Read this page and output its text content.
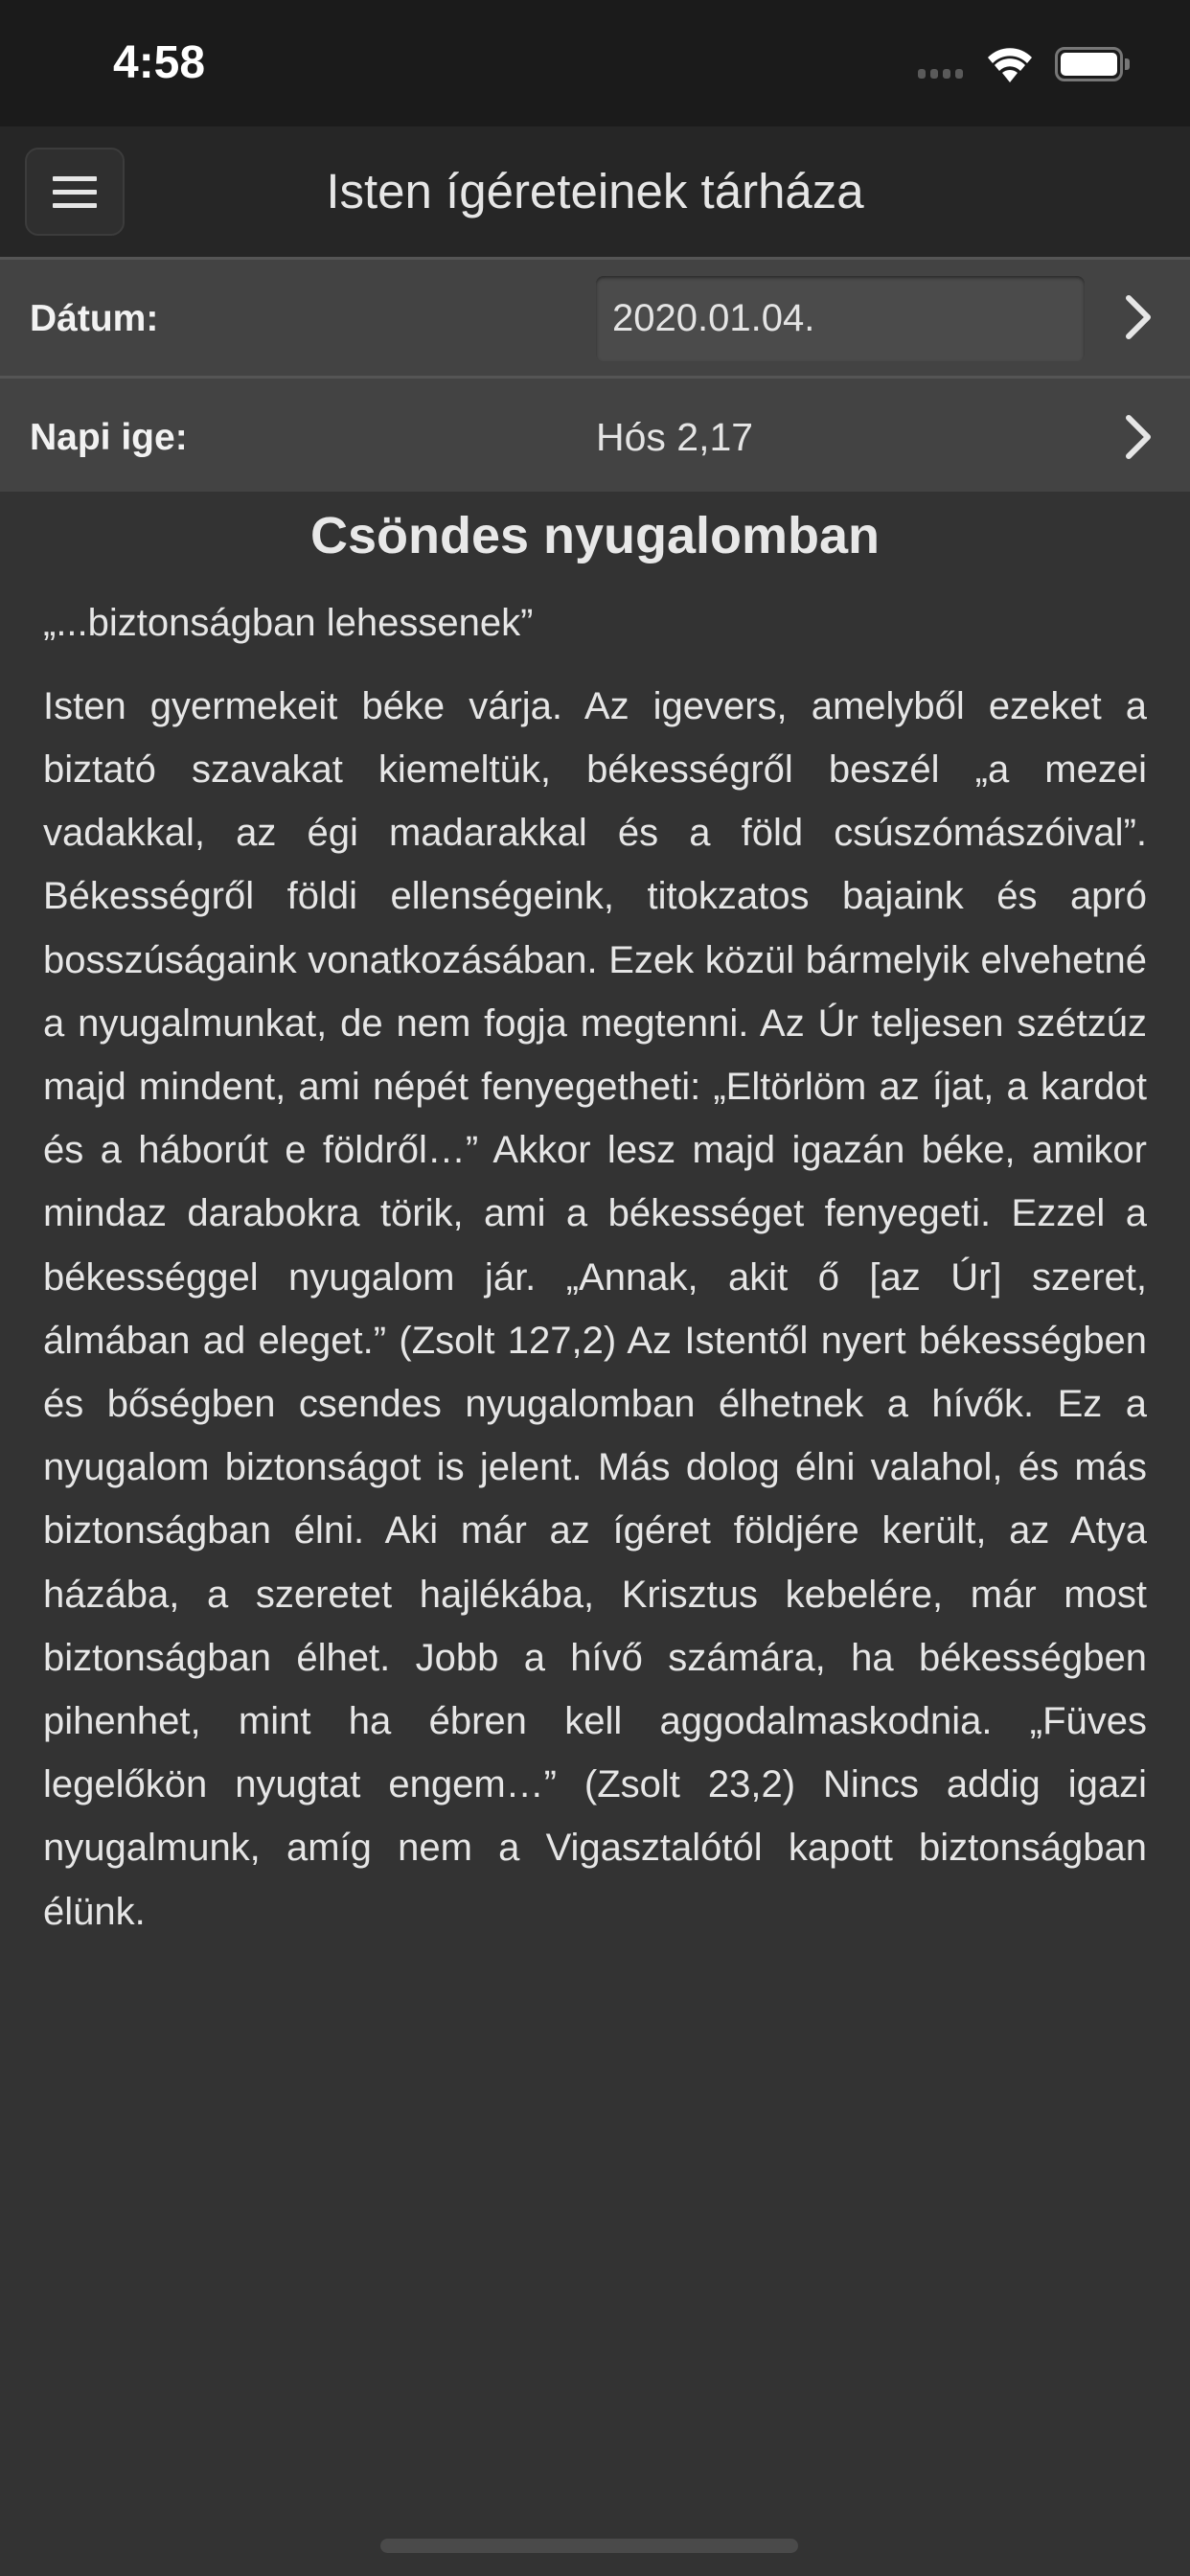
4:58
Isten ígéreteinek tárháza
Dátum:
2020.01.04.
Napi ige:	Hós 2,17
Csöndes nyugalomban

„...biztonságban lehessenek”

Isten gyermekeit béke várja. Az igevers, amelyből ezeket a biztató szavakat kiemeltük, békességről beszél „a mezei vadakkal, az égi madarakkal és a föld csúszómászóival”. Békességről földi ellenségeink, titokzatos bajaink és apró bosszúságaink vonatkozásában. Ezek közül bármelyik elvehetné a nyugalmunkat, de nem fogja megtenni. Az Úr teljesen szétzúz majd mindent, ami népét fenyegetheti: „Eltörlöm az íjat, a kardot és a háborút e földről…” Akkor lesz majd igazán béke, amikor mindaz darabokra törik, ami a békességet fenyegeti. Ezzel a békességgel nyugalom jár. „Annak, akit ő [az Úr] szeret, álmában ad eleget.” (Zsolt 127,2) Az Istentől nyert békességben és bőségben csendes nyugalomban élhetnek a hívők. Ez a nyugalom biztonságot is jelent. Más dolog élni valahol, és más biztonságban élni. Aki már az ígéret földjére került, az Atya házába, a szeretet hajlékába, Krisztus kebelére, már most biztonságban élhet. Jobb a hívő számára, ha békességben pihenhet, mint ha ébren kell aggodalmaskodnia. „Füves legelőkön nyugtat engem…” (Zsolt 23,2) Nincs addig igazi nyugalmunk, amíg nem a Vigasztalótól kapott biztonságban élünk.
